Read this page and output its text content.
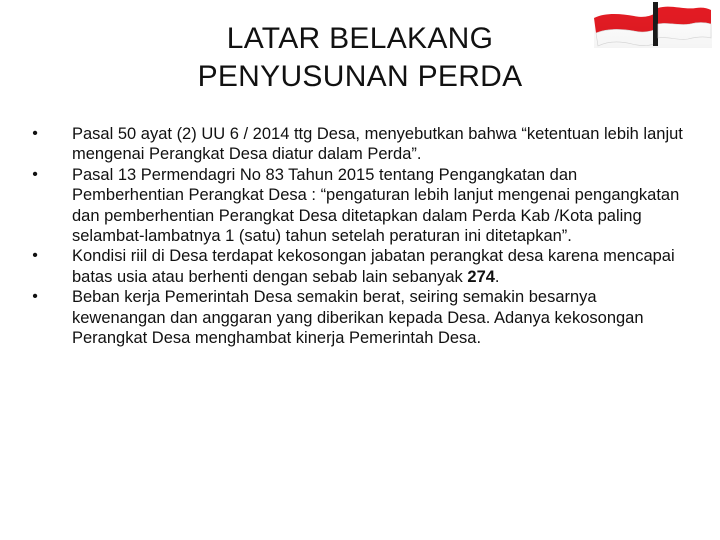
LATAR BELAKANG
PENYUSUNAN PERDA
• Pasal 50 ayat (2) UU 6 / 2014 ttg Desa, menyebutkan bahwa “ketentuan lebih lanjut mengenai Perangkat Desa diatur dalam Perda”.
• Pasal 13 Permendagri No 83 Tahun 2015 tentang Pengangkatan dan Pemberhentian Perangkat Desa : “pengaturan lebih lanjut mengenai pengangkatan dan pemberhentian Perangkat Desa ditetapkan dalam Perda Kab /Kota paling selambat-lambatnya 1 (satu) tahun setelah peraturan ini ditetapkan”.
• Kondisi riil di Desa terdapat kekosongan jabatan perangkat desa karena mencapai batas usia atau berhenti dengan sebab lain sebanyak 274.
• Beban kerja Pemerintah Desa semakin berat, seiring semakin besarnya kewenangan dan anggaran yang diberikan kepada Desa. Adanya kekosongan Perangkat Desa menghambat kinerja Pemerintah Desa.
